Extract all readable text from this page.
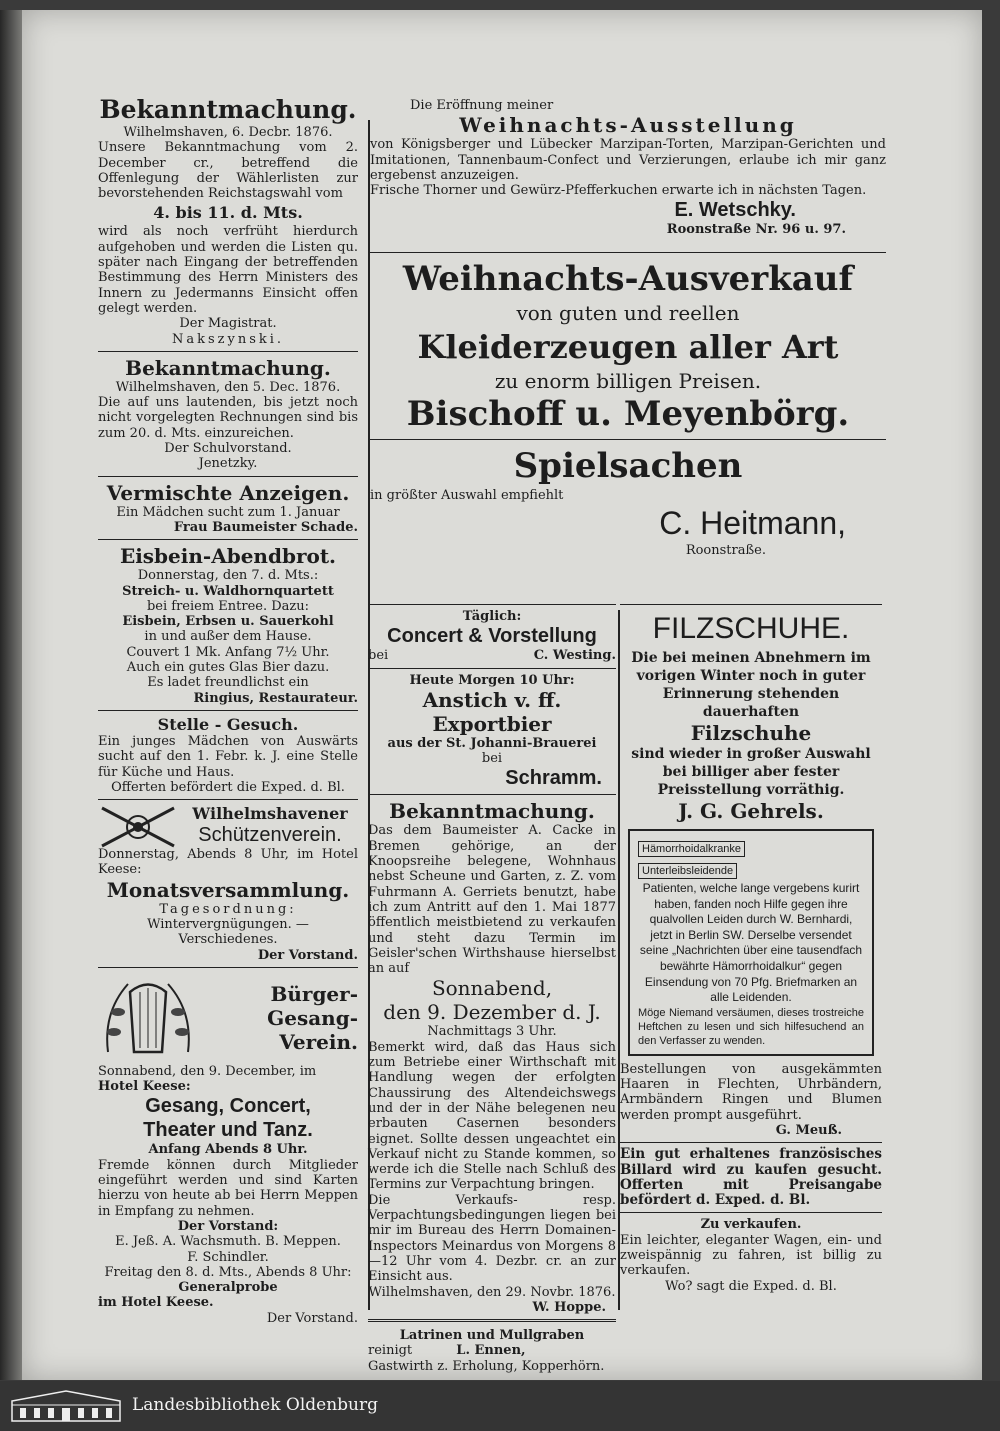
Bekanntmachung.

Wilhelmshaven, 6. Decbr. 1876.

Unsere Bekanntmachung vom 2. December cr., betreffend die Offenlegung der Wählerlisten zur bevorstehenden Reichstagswahl vom

4. bis 11. d. Mts.

wird als noch verfrüht hierdurch aufgehoben und werden die Listen qu. später nach Eingang der betreffenden Bestimmung des Herrn Ministers des Innern zu Jedermanns Einsicht offen gelegt werden.

Der Magistrat.

Nakszynski.

Bekanntmachung.

Wilhelmshaven, den 5. Dec. 1876.

Die auf uns lautenden, bis jetzt noch nicht vorgelegten Rechnungen sind bis zum 20. d. Mts. einzureichen.

Der Schulvorstand.

Jenetzky.

Vermischte Anzeigen.

Ein Mädchen sucht zum 1. Januar

Frau Baumeister Schade.

Eisbein-Abendbrot.

Donnerstag, den 7. d. Mts.:

Streich- u. Waldhornquartett

bei freiem Entree. Dazu:

Eisbein, Erbsen u. Sauerkohl

in und außer dem Hause.

Couvert 1 Mk. Anfang 7½ Uhr.

Auch ein gutes Glas Bier dazu.

Es ladet freundlichst ein

Ringius, Restaurateur.

Stelle - Gesuch.

Ein junges Mädchen von Auswärts sucht auf den 1. Febr. k. J. eine Stelle für Küche und Haus.

Offerten befördert die Exped. d. Bl.

Wilhelmshavener

Schützenverein.

Donnerstag, Abends 8 Uhr, im Hotel Keese:

Monatsversammlung.

Tagesordnung:

Wintervergnügungen. — Verschiedenes.

Der Vorstand.

Bürger-

Gesang-

Verein.

Sonnabend, den 9. December, im

Hotel Keese:

Gesang, Concert,

Theater und Tanz.

Anfang Abends 8 Uhr.

Fremde können durch Mitglieder eingeführt werden und sind Karten hierzu von heute ab bei Herrn Meppen in Empfang zu nehmen.

Der Vorstand:

E. Jeß. A. Wachsmuth. B. Meppen.

F. Schindler.

Freitag den 8. d. Mts., Abends 8 Uhr:

Generalprobe

im Hotel Keese.

Der Vorstand.

Die Eröffnung meiner

Weihnachts-Ausstellung

von Königsberger und Lübecker Marzipan-Torten, Marzipan-Gerichten und Imitationen, Tannenbaum-Confect und Verzierungen, erlaube ich mir ganz ergebenst anzuzeigen.

Frische Thorner und Gewürz-Pfefferkuchen erwarte ich in nächsten Tagen.

E. Wetschky.

Roonstraße Nr. 96 u. 97.

Weihnachts-Ausverkauf

von guten und reellen

Kleiderzeugen aller Art

zu enorm billigen Preisen.

Bischoff u. Meyenbörg.

Spielsachen

in größter Auswahl empfiehlt

C. Heitmann,

Roonstraße.

Täglich:

Concert & Vorstellung

bei	C. Westing.

Heute Morgen 10 Uhr:

Anstich v. ff. Exportbier

aus der St. Johanni-Brauerei

bei

Schramm.

Bekanntmachung.

Das dem Baumeister A. Cacke in Bremen gehörige, an der Knoopsreihe belegene, Wohnhaus nebst Scheune und Garten, z. Z. vom Fuhrmann A. Gerriets benutzt, habe ich zum Antritt auf den 1. Mai 1877 öffentlich meistbietend zu verkaufen und steht dazu Termin im Geisler'schen Wirthshause hierselbst an auf

Sonnabend,

den 9. Dezember d. J.

Nachmittags 3 Uhr.

Bemerkt wird, daß das Haus sich zum Betriebe einer Wirthschaft mit Handlung wegen der erfolgten Chaussirung des Altendeichswegs und der in der Nähe belegenen neu erbauten Casernen besonders eignet. Sollte dessen ungeachtet ein Verkauf nicht zu Stande kommen, so werde ich die Stelle nach Schluß des Termins zur Verpachtung bringen.

Die Verkaufs- resp. Verpachtungsbedingungen liegen bei mir im Bureau des Herrn Domainen-Inspectors Meinardus von Morgens 8—12 Uhr vom 4. Dezbr. cr. an zur Einsicht aus.

Wilhelmshaven, den 29. Novbr. 1876.

W. Hoppe.

Latrinen und Mullgraben

reinigt	L. Ennen,

Gastwirth z. Erholung, Kopperhörn.

FILZSCHUHE.

Die bei meinen Abnehmern im vorigen Winter noch in guter Erinnerung stehenden dauerhaften

Filzschuhe

sind wieder in großer Auswahl bei billiger aber fester Preisstellung vorräthig.

J. G. Gehrels.

Hämorrhoidalkranke
Unterleibsleidende

Patienten, welche lange vergebens kurirt haben, fanden noch Hilfe gegen ihre qualvollen Leiden durch W. Bernhardi, jetzt in Berlin SW. Derselbe versendet seine „Nachrichten über eine tausendfach bewährte Hämorrhoidalkur“ gegen Einsendung von 70 Pfg. Briefmarken an alle Leidenden.

Möge Niemand versäumen, dieses trostreiche Heftchen zu lesen und sich hilfesuchend an den Verfasser zu wenden.

Bestellungen von ausgekämmten Haaren in Flechten, Uhrbändern, Armbändern Ringen und Blumen werden prompt ausgeführt.

G. Meuß.

Ein gut erhaltenes französisches Billard wird zu kaufen gesucht. Offerten mit Preisangabe befördert d. Exped. d. Bl.

Zu verkaufen.

Ein leichter, eleganter Wagen, ein- und zweispännig zu fahren, ist billig zu verkaufen.

Wo? sagt die Exped. d. Bl.

Landesbibliothek Oldenburg
